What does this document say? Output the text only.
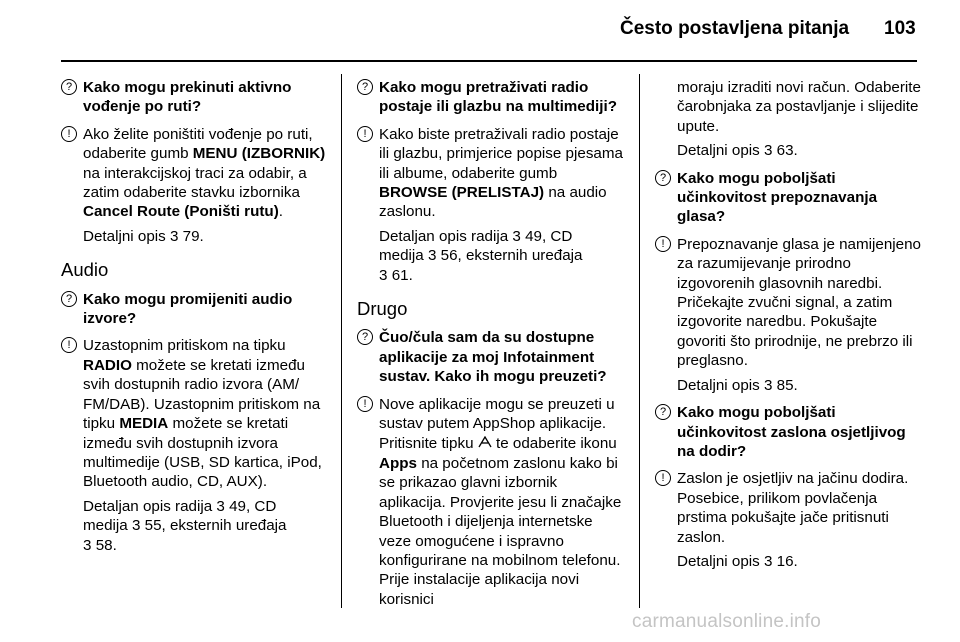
Često postavljena pitanja 103
? Kako mogu prekinuti aktivno vođenje po ruti?
! Ako želite poništiti vođenje po ruti, odaberite gumb MENU (IZBORNIK) na interakcijskoj traci za odabir, a zatim odaberite stavku izbornika Cancel Route (Poništi rutu).
Detaljni opis 3 79.
Audio
? Kako mogu promijeniti audio izvore?
! Uzastopnim pritiskom na tipku RADIO možete se kretati između svih dostupnih radio izvora (AM/ FM/DAB). Uzastopnim pritiskom na tipku MEDIA možete se kretati između svih dostupnih izvora multimedije (USB, SD kartica, iPod, Bluetooth audio, CD, AUX).
Detaljan opis radija 3 49, CD
medija 3 55, eksternih uređaja
3 58.
? Kako mogu pretraživati radio postaje ili glazbu na multimediji?
! Kako biste pretraživali radio postaje ili glazbu, primjerice popise pjesama ili albume, odaberite gumb BROWSE (PRELISTAJ) na audio zaslonu.
Detaljan opis radija 3 49, CD
medija 3 56, eksternih uređaja
3 61.
Drugo
? Čuo/čula sam da su dostupne aplikacije za moj Infotainment sustav. Kako ih mogu preuzeti?
! Nove aplikacije mogu se preuzeti u sustav putem AppShop aplikacije. Pritisnite tipku  te odaberite ikonu Apps na početnom zaslonu kako bi se prikazao glavni izbornik aplikacija. Provjerite jesu li značajke Bluetooth i dijeljenja internetske veze omogućene i ispravno konfigurirane na mobilnom telefonu. Prije instalacije aplikacija novi korisnici
moraju izraditi novi račun. Odaberite čarobnjaka za postavljanje i slijedite upute.
Detaljni opis 3 63.
? Kako mogu poboljšati učinkovitost prepoznavanja glasa?
! Prepoznavanje glasa je namijenjeno za razumijevanje prirodno izgovorenih glasovnih naredbi. Pričekajte zvučni signal, a zatim izgovorite naredbu. Pokušajte govoriti što prirodnije, ne prebrzo ili preglasno.
Detaljni opis 3 85.
? Kako mogu poboljšati učinkovitost zaslona osjetljivog na dodir?
! Zaslon je osjetljiv na jačinu dodira. Posebice, prilikom povlačenja prstima pokušajte jače pritisnuti zaslon.
Detaljni opis 3 16.
carmanualsonline.info
